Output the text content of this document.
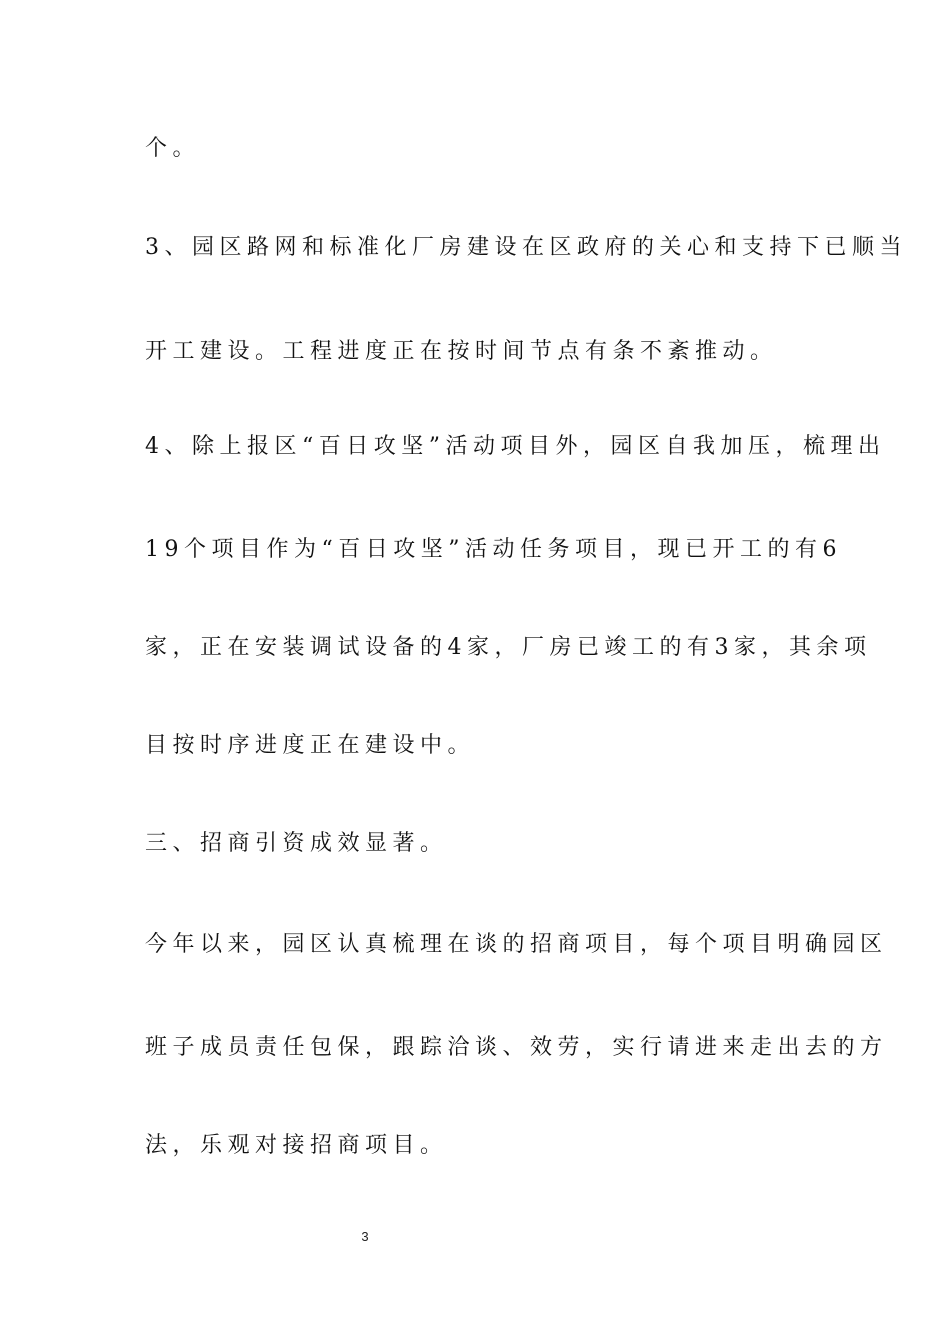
个。
3、园区路网和标准化厂房建设在区政府的关心和支持下已顺当
开工建设。工程进度正在按时间节点有条不紊推动。
4、除上报区“百日攻坚”活动项目外，园区自我加压，梳理出
19个项目作为“百日攻坚”活动任务项目，现已开工的有6
家，正在安装调试设备的4家，厂房已竣工的有3家，其余项
目按时序进度正在建设中。
三、招商引资成效显著。
今年以来，园区认真梳理在谈的招商项目，每个项目明确园区
班子成员责任包保，跟踪洽谈、效劳，实行请进来走出去的方
法，乐观对接招商项目。
3
